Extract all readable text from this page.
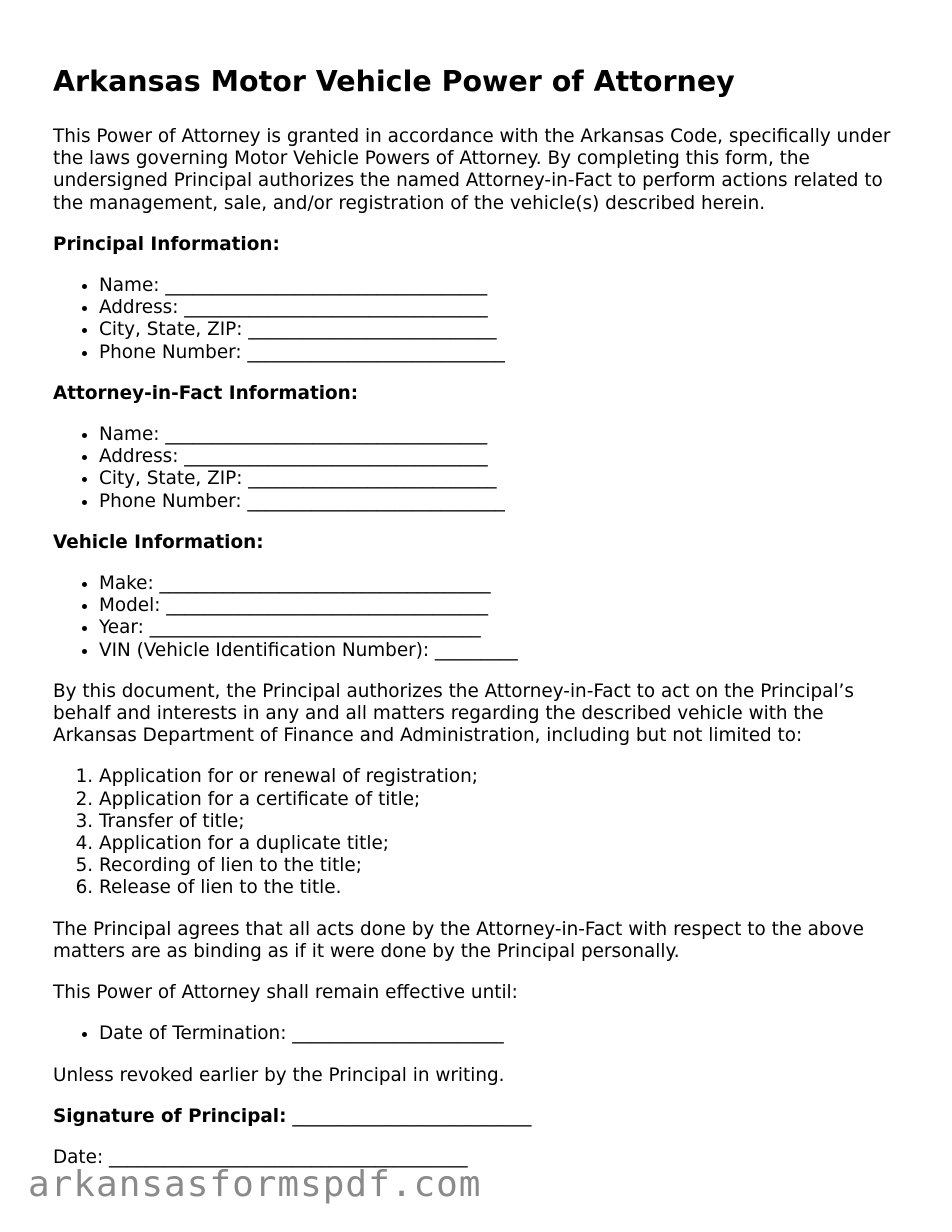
Arkansas Motor Vehicle Power of Attorney

This Power of Attorney is granted in accordance with the Arkansas Code, specifically under the laws governing Motor Vehicle Powers of Attorney. By completing this form, the undersigned Principal authorizes the named Attorney-in-Fact to perform actions related to the management, sale, and/or registration of the vehicle(s) described herein.

Principal Information:
• Name: ___________________________________
• Address: _________________________________
• City, State, ZIP: ___________________________
• Phone Number: ____________________________
Attorney-in-Fact Information:
• Name: ___________________________________
• Address: _________________________________
• City, State, ZIP: ___________________________
• Phone Number: ____________________________
Vehicle Information:
• Make: ____________________________________
• Model: ___________________________________
• Year: ____________________________________
• VIN (Vehicle Identification Number): _________

By this document, the Principal authorizes the Attorney-in-Fact to act on the Principal’s behalf and interests in any and all matters regarding the described vehicle with the Arkansas Department of Finance and Administration, including but not limited to:

1. Application for or renewal of registration;
2. Application for a certificate of title;
3. Transfer of title;
4. Application for a duplicate title;
5. Recording of lien to the title;
6. Release of lien to the title.

The Principal agrees that all acts done by the Attorney-in-Fact with respect to the above matters are as binding as if it were done by the Principal personally.

This Power of Attorney shall remain effective until:

• Date of Termination: _______________________

Unless revoked earlier by the Principal in writing.

Signature of Principal: __________________________

Date: _______________________________________

arkansasformspdf.com
